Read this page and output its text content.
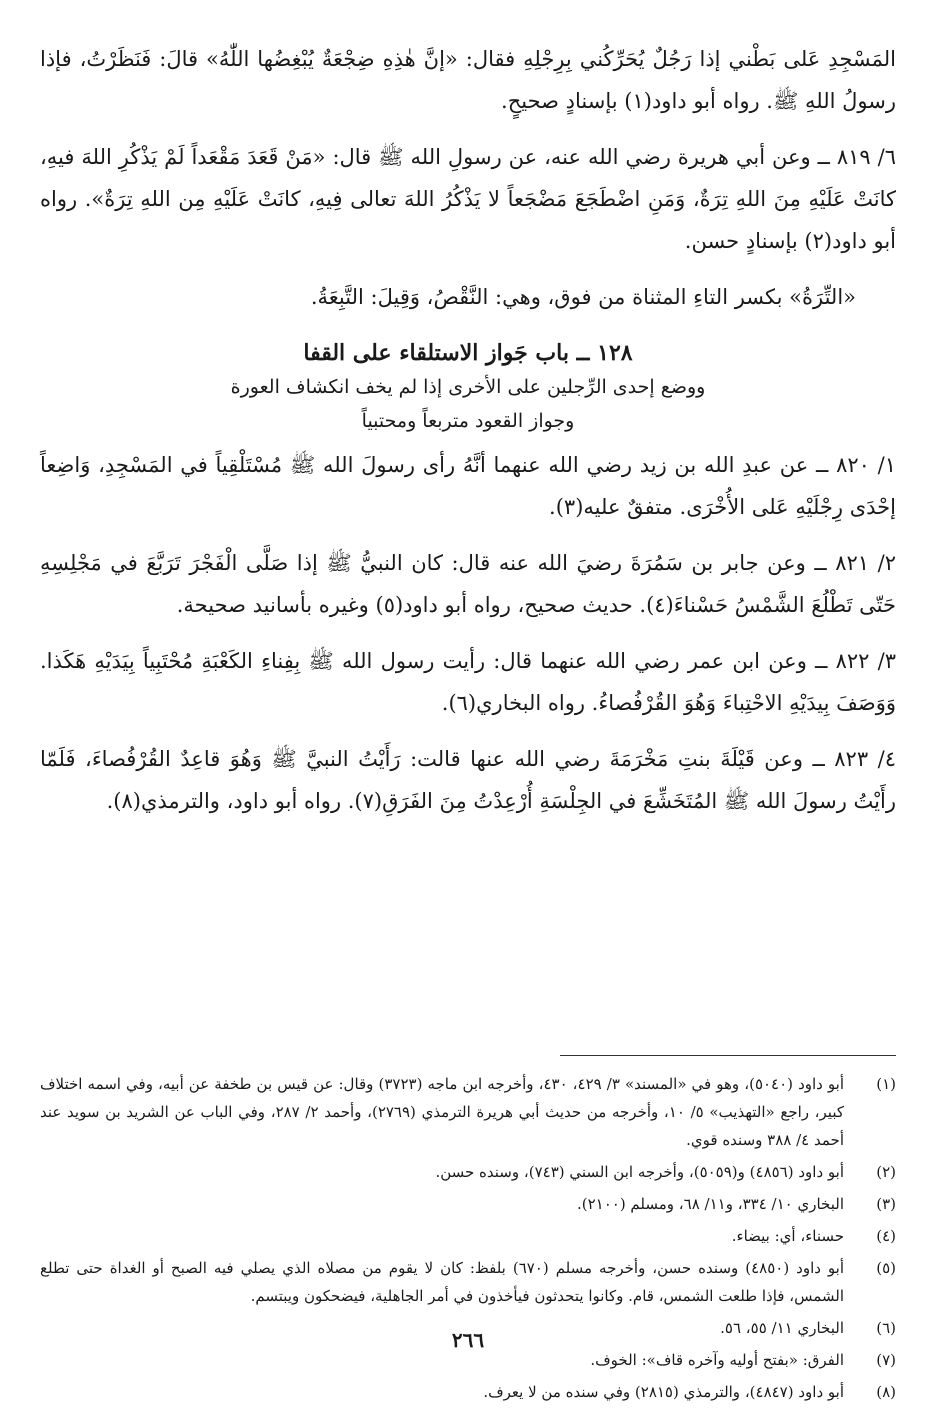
المَسْجِدِ عَلى بَطْني إذا رَجُلٌ يُحَرِّكُني بِرِجْلِهِ فقال: «إنَّ هٰذِهِ ضِجْعَةٌ يُبْغِضُها اللّٰهُ» قالَ: فَنَظَرْتُ، فإذا رسولُ اللهِ ﷺ. رواه أبو داود(١) بإسنادٍ صحيحٍ.

٦/ ٨١٩ ــ وعن أبي هريرة رضي الله عنه، عن رسولِ الله ﷺ قال: «مَنْ قَعَدَ مَقْعَداً لَمْ يَذْكُرِ اللهَ فيهِ، كانَتْ عَلَيْهِ مِنَ اللهِ تِرَةٌ، وَمَنِ اضْطَجَعَ مَضْجَعاً لا يَذْكُرُ اللهَ تعالى فِيهِ، كانَتْ عَلَيْهِ مِن اللهِ تِرَةٌ». رواه أبو داود(٢) بإسنادٍ حسن.

«التِّرَةُ» بكسر التاءِ المثناة من فوق، وهي: النَّقْصُ، وَقِيلَ: التَّبِعَةُ.

١٢٨ ــ باب جَواز الاستلقاء على القفا
ووضع إحدى الرِّجلين على الأخرى إذا لم يخف انكشاف العورة
وجواز القعود متربعاً ومحتبياً

١/ ٨٢٠ ــ عن عبدِ الله بن زيد رضي الله عنهما أنَّهُ رأى رسولَ الله ﷺ مُسْتَلْقِياً في المَسْجِدِ، وَاضِعاً إحْدَى رِجْلَيْهِ عَلى الأُخْرَى. متفقٌ عليه(٣).

٢/ ٨٢١ ــ وعن جابر بن سَمُرَةَ رضيَ الله عنه قال: كان النبيُّ ﷺ إذا صَلَّى الْفَجْرَ تَرَبَّعَ في مَجْلِسِهِ حَتّى تَطْلُعَ الشَّمْسُ حَسْناءَ(٤). حديث صحيح، رواه أبو داود(٥) وغيره بأسانيد صحيحة.

٣/ ٨٢٢ ــ وعن ابن عمر رضي الله عنهما قال: رأيت رسول الله ﷺ بِفِناءِ الكَعْبَةِ مُحْتَبِياً بِيَدَيْهِ هَكَذا. وَوَصَفَ بِيدَيْهِ الاحْتِباءَ وَهُوَ القُرْفُصاءُ. رواه البخاري(٦).

٤/ ٨٢٣ ــ وعن قَيْلَةَ بنتِ مَخْرَمَةَ رضي الله عنها قالت: رَأَيْتُ النبيَّ ﷺ وَهُوَ قاعِدٌ القُرْفُصاءَ، فَلَمّا رأَيْتُ رسولَ الله ﷺ المُتَخَشِّعَ في الجِلْسَةِ أُرْعِدْتُ مِنَ الفَرَقِ(٧). رواه أبو داود، والترمذي(٨).

(١)
أبو داود (٥٠٤٠)، وهو في «المسند» ٣/ ٤٢٩، ٤٣٠، وأخرجه ابن ماجه (٣٧٢٣) وقال: عن قيس بن طخفة عن أبيه، وفي اسمه اختلاف كبير، راجع «التهذيب» ٥/ ١٠، وأخرجه من حديث أبي هريرة الترمذي (٢٧٦٩)، وأحمد ٢/ ٢٨٧، وفي الباب عن الشريد بن سويد عند أحمد ٤/ ٣٨٨ وسنده قوي.
(٢)
أبو داود (٤٨٥٦) و(٥٠٥٩)، وأخرجه ابن السني (٧٤٣)، وسنده حسن.
(٣)
البخاري ١٠/ ٣٣٤، و١١/ ٦٨، ومسلم (٢١٠٠).
(٤)
حسناء، أي: بيضاء.
(٥)
أبو داود (٤٨٥٠) وسنده حسن، وأخرجه مسلم (٦٧٠) بلفظ: كان لا يقوم من مصلاه الذي يصلي فيه الصبح أو الغداة حتى تطلع الشمس، فإذا طلعت الشمس، قام. وكانوا يتحدثون فيأخذون في أمر الجاهلية، فيضحكون ويبتسم.
(٦)
البخاري ١١/ ٥٥، ٥٦.
(٧)
الفرق: «بفتح أوليه وآخره قاف»: الخوف.
(٨)
أبو داود (٤٨٤٧)، والترمذي (٢٨١٥) وفي سنده من لا يعرف.
٢٦٦
